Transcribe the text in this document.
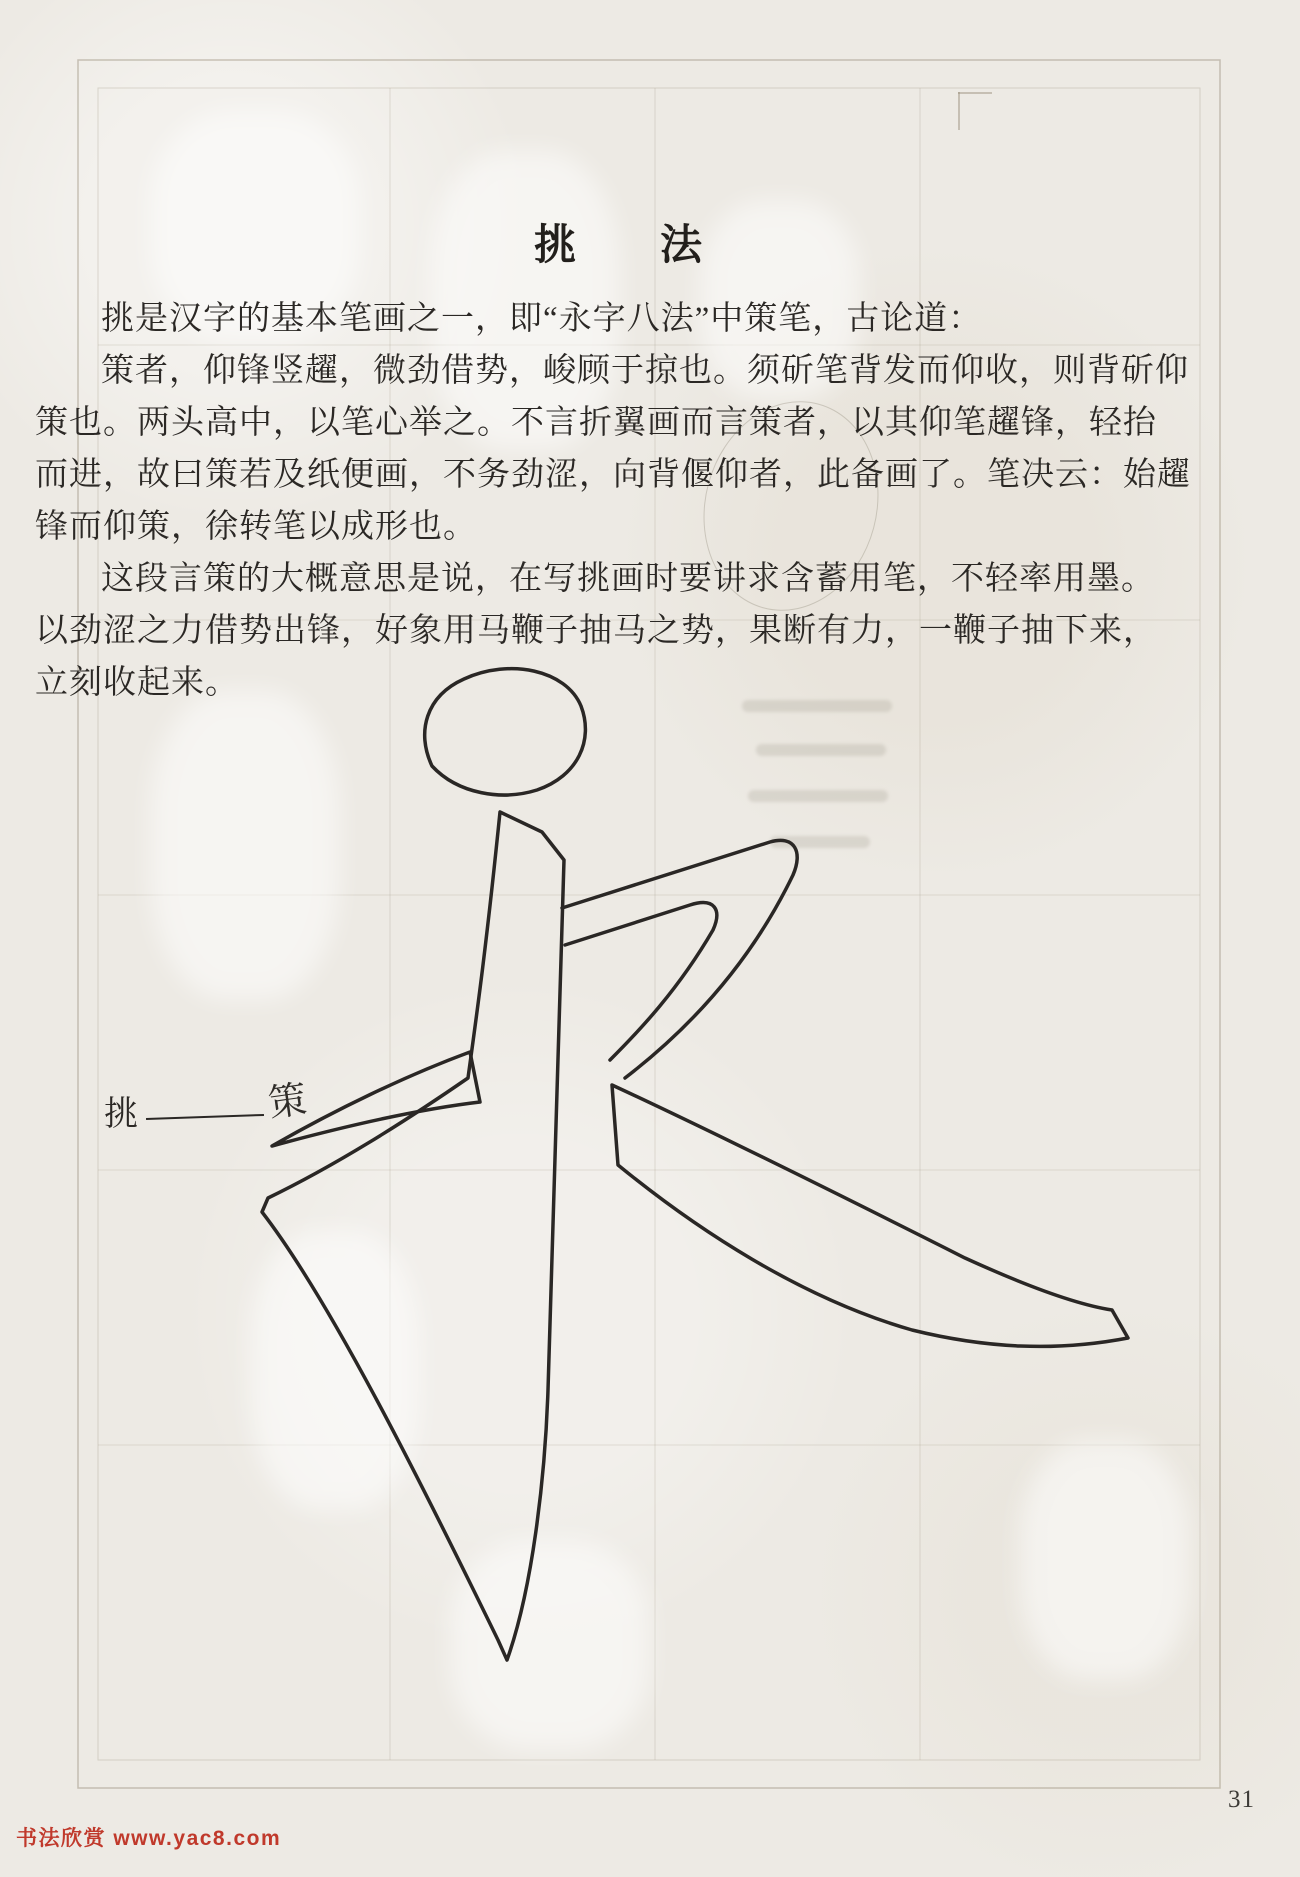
挑 法
挑是汉字的基本笔画之一，即“永字八法”中策笔，古论道：
策者，仰锋竖趯，微劲借势，峻顾于掠也。须斫笔背发而仰收，则背斫仰
策也。两头高中，以笔心举之。不言折翼画而言策者，以其仰笔趯锋，轻抬
而进，故曰策若及纸便画，不务劲涩，向背偃仰者，此备画了。笔决云：始趯
锋而仰策，徐转笔以成形也。
这段言策的大概意思是说，在写挑画时要讲求含蓄用笔，不轻率用墨。
以劲涩之力借势出锋，好象用马鞭子抽马之势，果断有力，一鞭子抽下来，
立刻收起来。
挑	策
书法欣赏 www.yac8.com
31
